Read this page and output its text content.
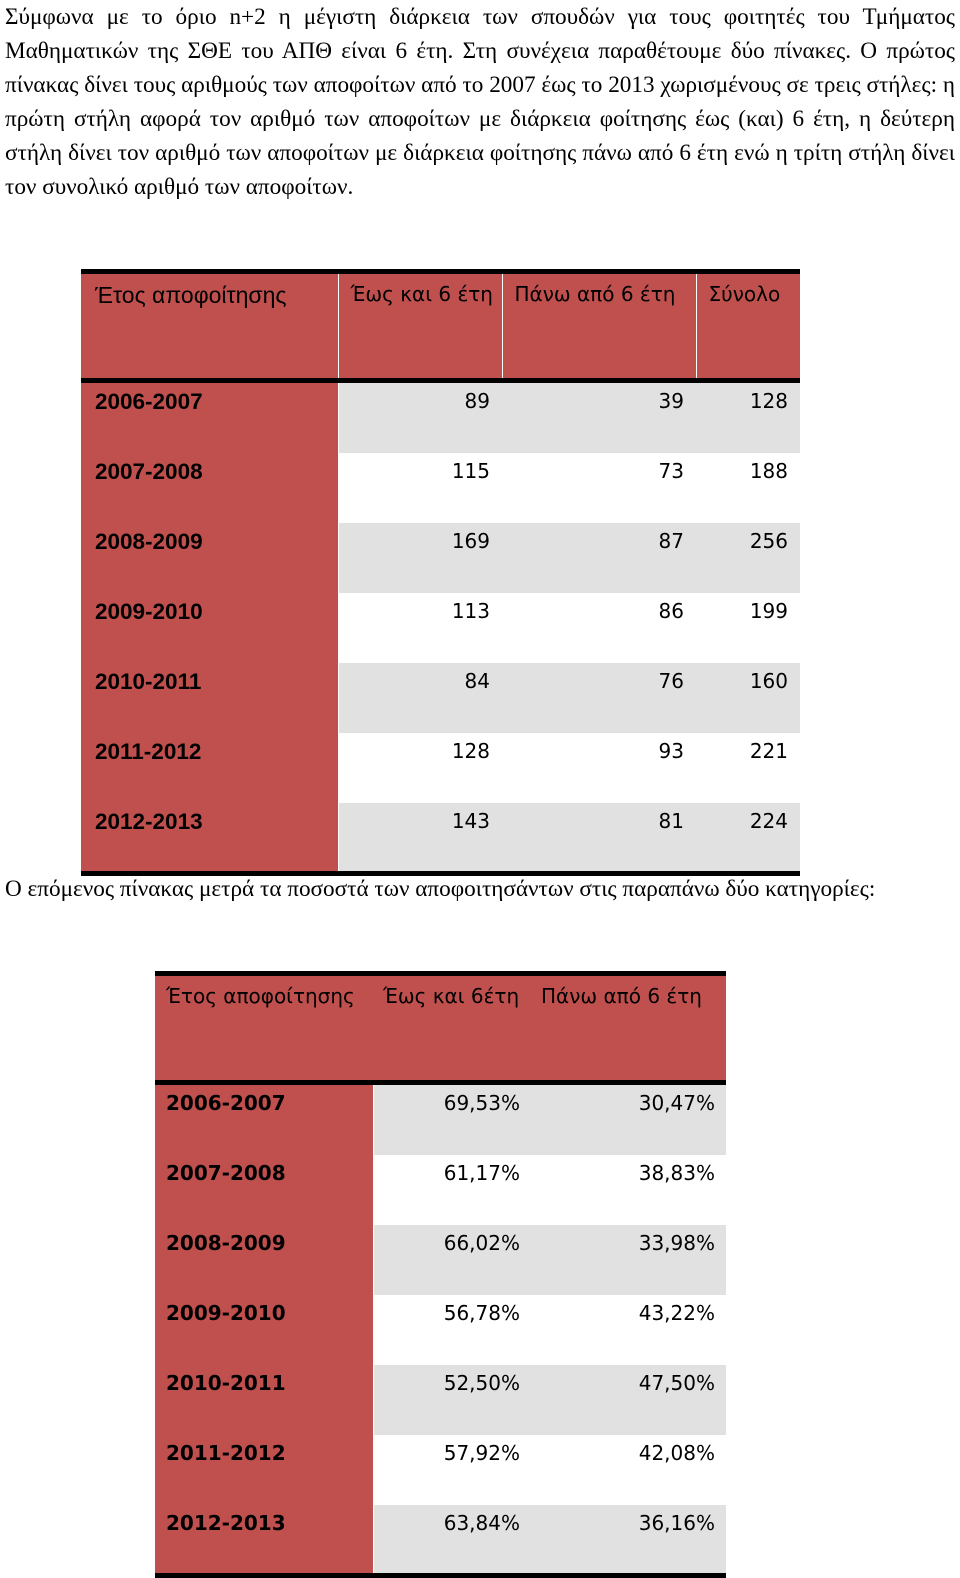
Σύμφωνα με το όριο n+2 η μέγιστη διάρκεια των σπουδών για τους φοιτητές του Τμήματος Μαθηματικών της ΣΘΕ του ΑΠΘ είναι 6 έτη. Στη συνέχεια παραθέτουμε δύο πίνακες. Ο πρώτος πίνακας δίνει τους αριθμούς των αποφοίτων από το 2007 έως το 2013 χωρισμένους σε τρεις στήλες: η πρώτη στήλη αφορά τον αριθμό των αποφοίτων με διάρκεια φοίτησης έως (και) 6 έτη, η δεύτερη στήλη δίνει τον αριθμό των αποφοίτων με διάρκεια φοίτησης πάνω από 6 έτη ενώ η τρίτη στήλη δίνει τον συνολικό αριθμό των αποφοίτων.

Έτος αποφοίτησης	Έως και 6 έτη	Πάνω από 6 έτη	Σύνολο
2006-2007	89	39	128
2007-2008	115	73	188
2008-2009	169	87	256
2009-2010	113	86	199
2010-2011	84	76	160
2011-2012	128	93	221
2012-2013	143	81	224

Ο επόμενος πίνακας μετρά τα ποσοστά των αποφοιτησάντων στις παραπάνω δύο κατηγορίες:

Έτος αποφοίτησης	Έως και 6έτη	Πάνω από 6 έτη
2006-2007	69,53%	30,47%
2007-2008	61,17%	38,83%
2008-2009	66,02%	33,98%
2009-2010	56,78%	43,22%
2010-2011	52,50%	47,50%
2011-2012	57,92%	42,08%
2012-2013	63,84%	36,16%
